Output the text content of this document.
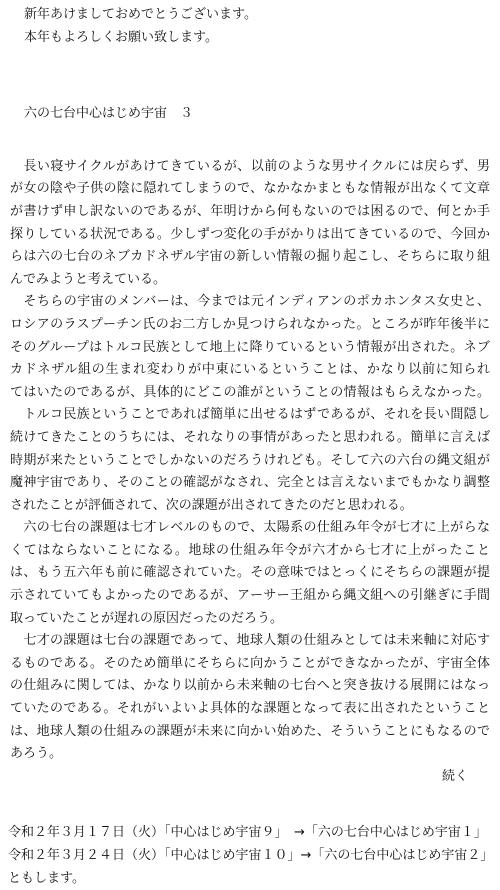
新年あけましておめでとうございます。
本年もよろしくお願い致します。
六の七台中心はじめ宇宙　３
　長い寝サイクルがあけてきているが、以前のような男サイクルには戻らず、男
が女の陰や子供の陰に隠れてしまうので、なかなかまともな情報が出なくて文章
が書けず申し訳ないのであるが、年明けから何もないのでは困るので、何とか手
探りしている状況である。少しずつ変化の手がかりは出てきているので、今回か
らは六の七台のネブカドネザル宇宙の新しい情報の掘り起こし、そちらに取り組
んでみようと考えている。
　そちらの宇宙のメンバーは、今までは元インディアンのポカホンタス女史と、
ロシアのラスプーチン氏のお二方しか見つけられなかった。ところが昨年後半に
そのグループはトルコ民族として地上に降りているという情報が出された。ネブ
カドネザル組の生まれ変わりが中東にいるということは、かなり以前に知られ
てはいたのであるが、具体的にどこの誰がということの情報はもらえなかった。
　トルコ民族ということであれば簡単に出せるはずであるが、それを長い間隠し
続けてきたことのうちには、それなりの事情があったと思われる。簡単に言えば
時期が来たということでしかないのだろうけれども。そして六の六台の縄文組が
魔神宇宙であり、そのことの確認がなされ、完全とは言えないまでもかなり調整
されたことが評価されて、次の課題が出されてきたのだと思われる。
　六の七台の課題は七才レベルのもので、太陽系の仕組み年令が七才に上がらな
くてはならないことになる。地球の仕組み年令が六才から七才に上がったこと
は、もう五六年も前に確認されていた。その意味ではとっくにそちらの課題が提
示されていてもよかったのであるが、アーサー王組から縄文組への引継ぎに手間
取っていたことが遅れの原因だったのだろう。
　七才の課題は七台の課題であって、地球人類の仕組みとしては未来軸に対応す
るものである。そのため簡単にそちらに向かうことができなかったが、宇宙全体
の仕組みに関しては、かなり以前から未来軸の七台へと突き抜ける展開にはなっ
ていたのである。それがいよいよ具体的な課題となって表に出されたということ
は、地球人類の仕組みの課題が未来に向かい始めた、そういうことにもなるので
あろう。
続く
令和２年３月１７日（火）「中心はじめ宇宙９」　→「六の七台中心はじめ宇宙１」
令和２年３月２４日（火）「中心はじめ宇宙１０」→「六の七台中心はじめ宇宙２」
ともします。
